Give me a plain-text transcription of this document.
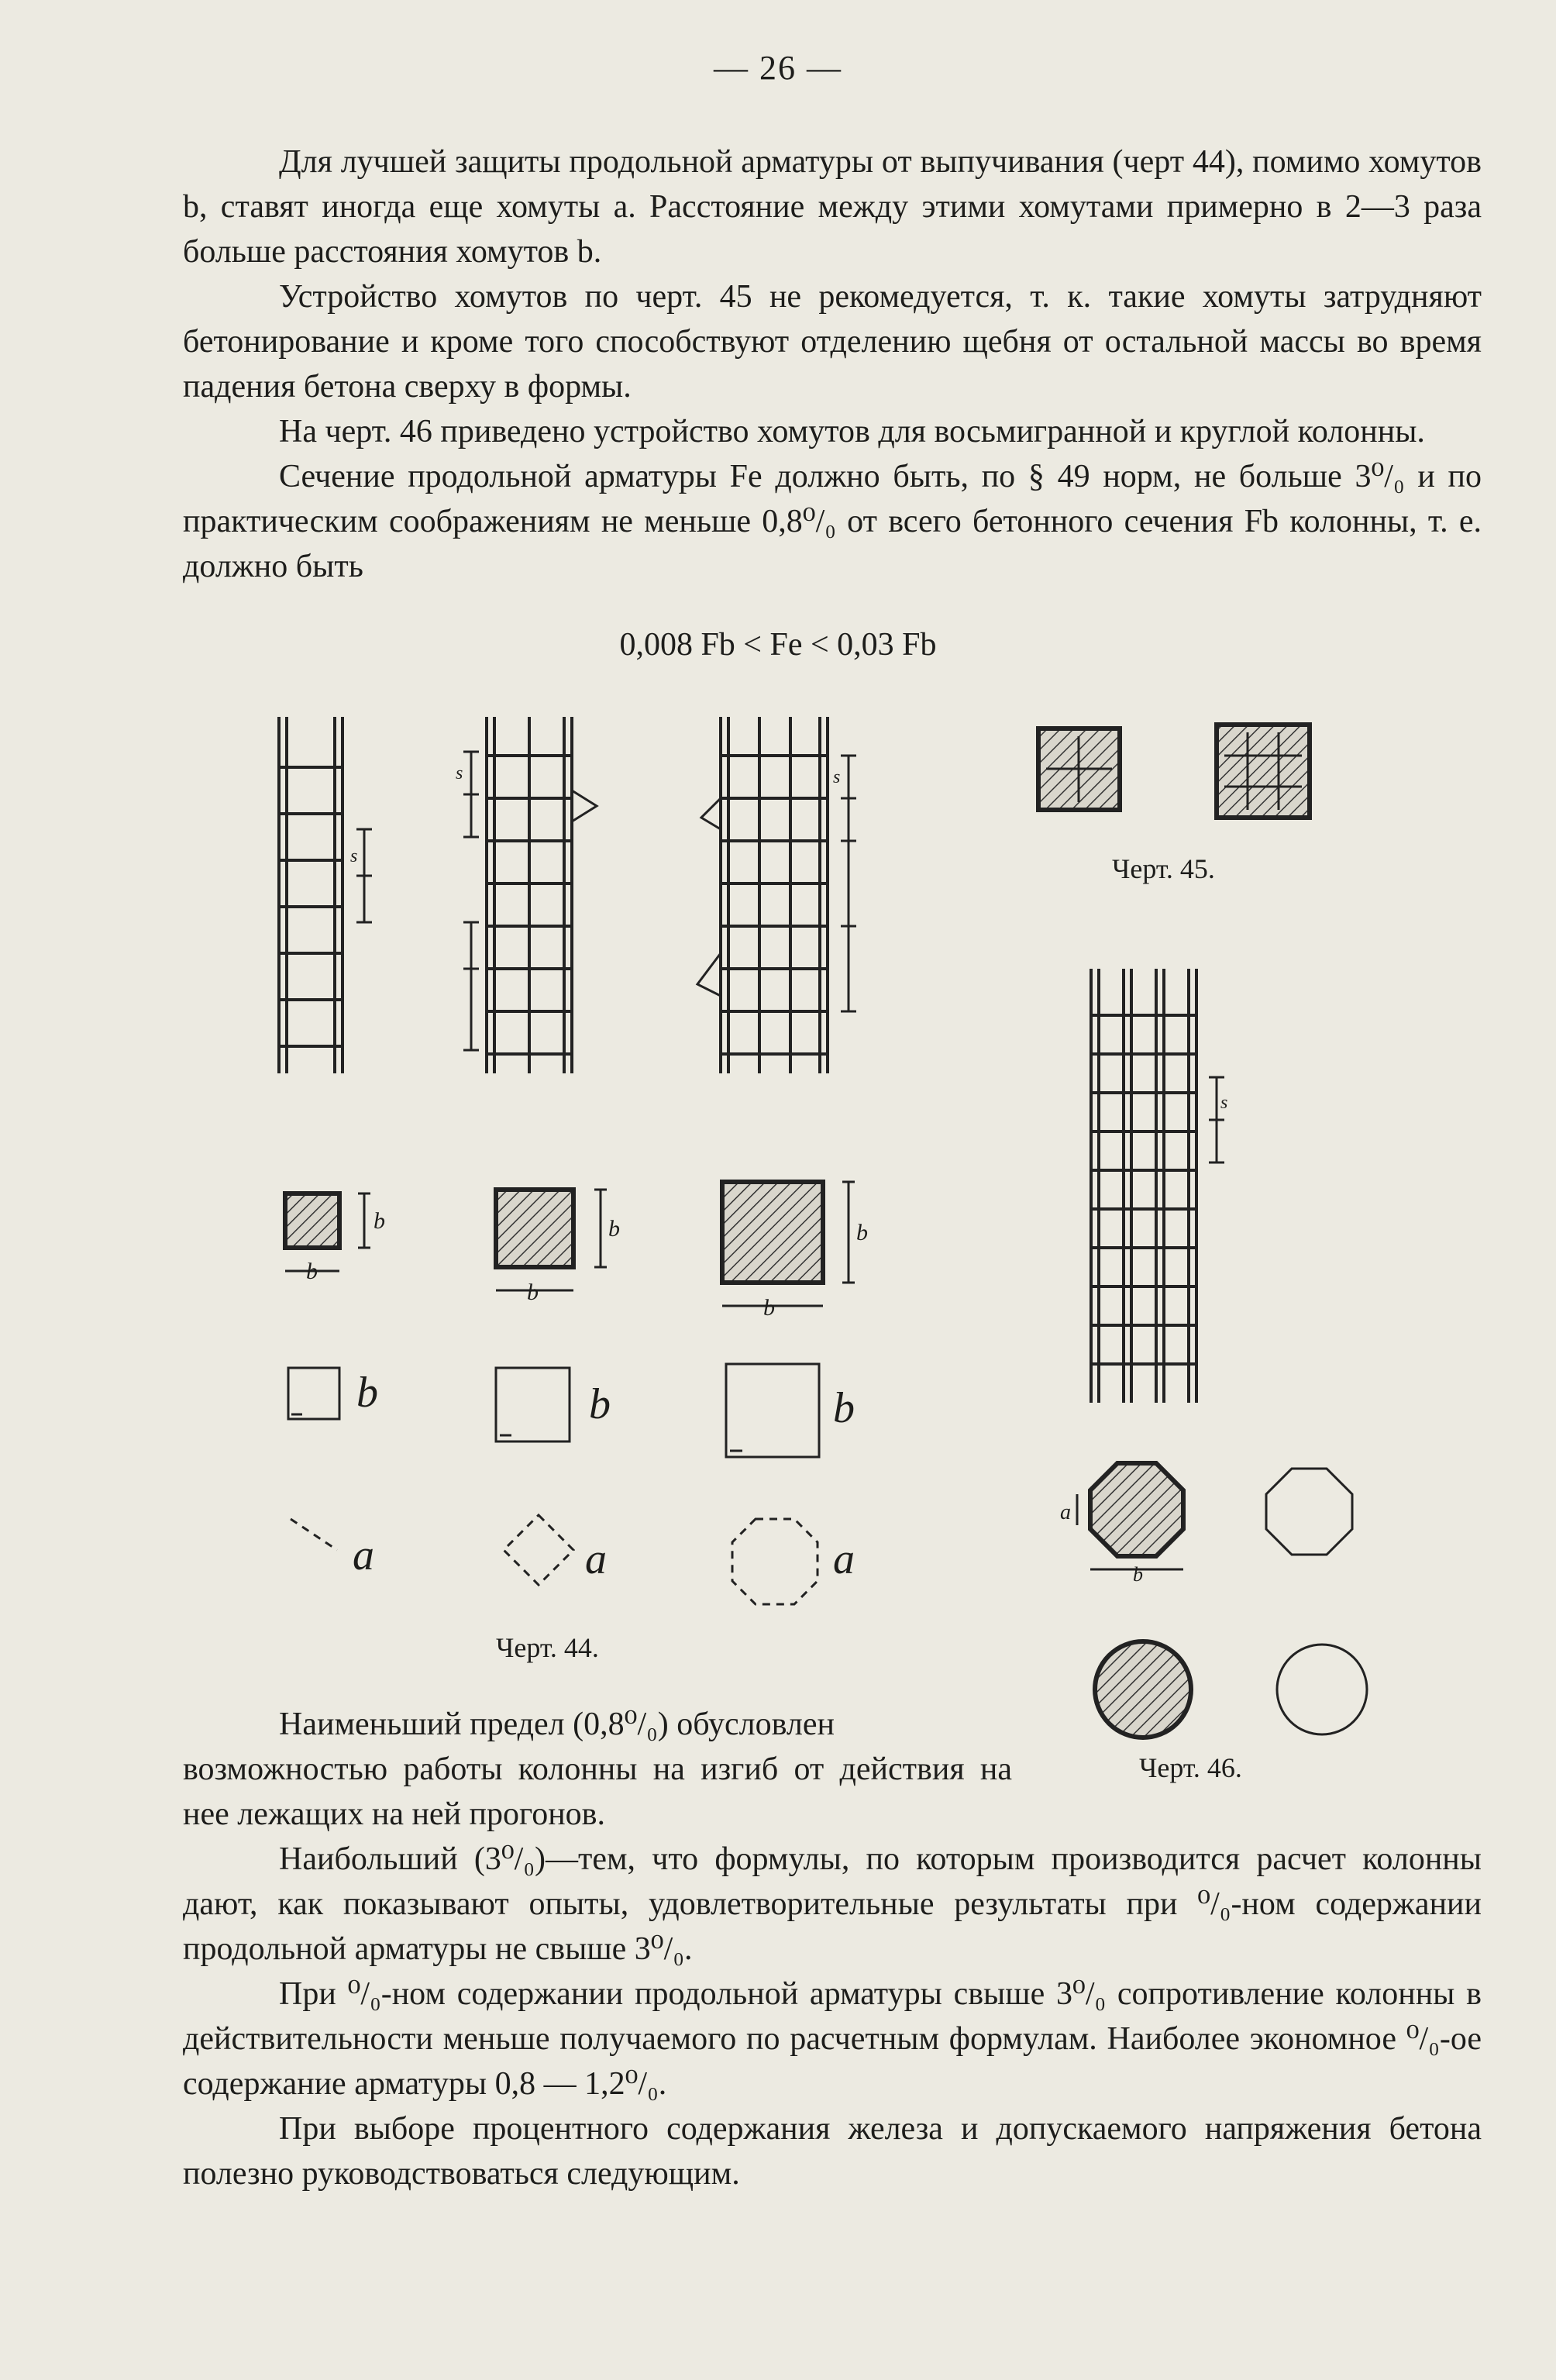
— 26 —

Для лучшей защиты продольной арматуры от выпучивания (черт 44), помимо хомутов b, ставят иногда еще хомуты a. Расстояние между этими хомутами примерно в 2—3 раза больше расстояния хомутов b.

Устройство хомутов по черт. 45 не рекомедуется, т. к. такие хомуты затрудняют бетонирование и кроме того способствуют отделению щебня от остальной массы во время падения бетона сверху в формы.

На черт. 46 приведено устройство хомутов для восьмигранной и круглой колонны.

Сечение продольной арматуры Fe должно быть, по § 49 норм, не больше 3⁰/₀ и по практическим соображениям не меньше 0,8⁰/₀ от всего бетонного сечения Fb колонны, т. е. должно быть

0,008 Fb < Fe < 0,03 Fb
s
s	s
s
b
b
b
b
b
b
b	b	b
a	a	a
a
b
Черт. 44.
Черт. 45.
Черт. 46.

Наименьший предел (0,8⁰/₀) обусловлен

возможностью работы колонны на изгиб от действия на нее лежащих на ней прогонов.

Наибольший (3⁰/₀)—тем, что формулы, по которым производится расчет колонны дают, как показывают опыты, удовлетворительные результаты при ⁰/₀-ном содержании продольной арматуры не свыше 3⁰/₀.

При ⁰/₀-ном содержании продольной арматуры свыше 3⁰/₀ сопротивление колонны в действительности меньше получаемого по расчетным формулам. Наиболее экономное ⁰/₀-ое содержание арматуры 0,8 — 1,2⁰/₀.

При выборе процентного содержания железа и допускаемого напряжения бетона полезно руководствоваться следующим.
